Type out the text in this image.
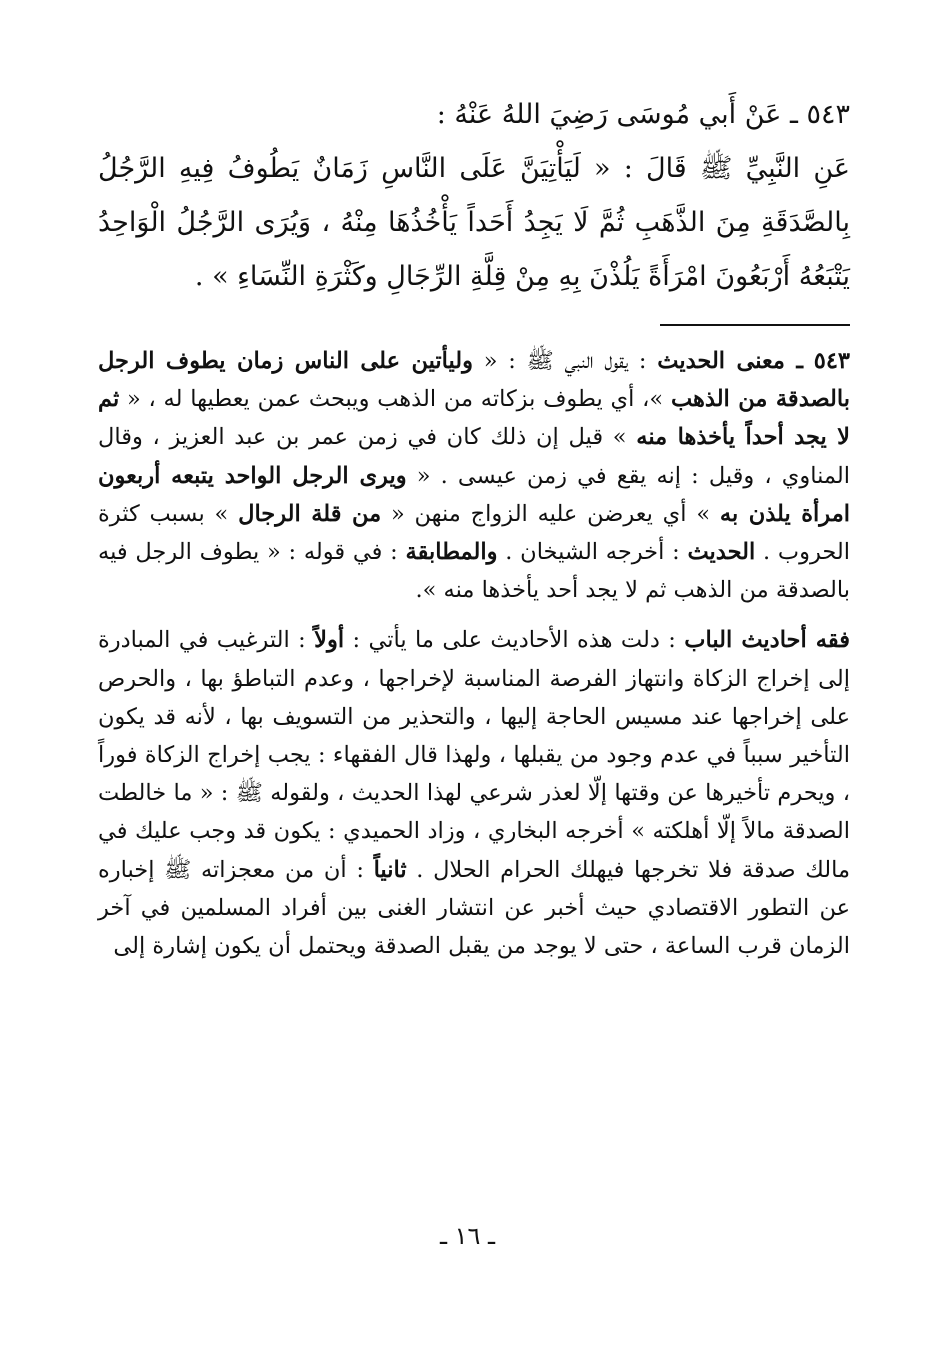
٥٤٣ ـ عَنْ أَبي مُوسَى رَضِيَ اللهُ عَنْهُ :

عَنِ النَّبِيِّ ﷺ قَالَ : « لَيَأْتِيَنَّ عَلَى النَّاسِ زَمَانٌ يَطُوفُ فِيهِ الرَّجُلُ بِالصَّدَقَةِ مِنَ الذَّهَبِ ثُمَّ لَا يَجِدُ أَحَداً يَأْخُذُهَا مِنْهُ ، وَيُرَى الرَّجُلُ الْوَاحِدُ يَتْبَعُهُ أَرْبَعُونَ امْرَأَةً يَلُذْنَ بِهِ مِنْ قِلَّةِ الرِّجَالِ وكَثْرَةِ النِّسَاءِ » .

٥٤٣ ـ معنى الحديث : يقول النبي ﷺ : « وليأتين على الناس زمان يطوف الرجل بالصدقة من الذهب »، أي يطوف بزكاته من الذهب ويبحث عمن يعطيها له ، « ثم لا يجد أحداً يأخذها منه » قيل إن ذلك كان في زمن عمر بن عبد العزيز ، وقال المناوي ، وقيل : إنه يقع في زمن عيسى . « ويرى الرجل الواحد يتبعه أربعون امرأة يلذن به » أي يعرضن عليه الزواج منهن « من قلة الرجال » بسبب كثرة الحروب . الحديث : أخرجه الشيخان . والمطابقة : في قوله : « يطوف الرجل فيه بالصدقة من الذهب ثم لا يجد أحد يأخذها منه ».

فقه أحاديث الباب : دلت هذه الأحاديث على ما يأتي : أولاً : الترغيب في المبادرة إلى إخراج الزكاة وانتهاز الفرصة المناسبة لإخراجها ، وعدم التباطؤ بها ، والحرص على إخراجها عند مسيس الحاجة إليها ، والتحذير من التسويف بها ، لأنه قد يكون التأخير سبباً في عدم وجود من يقبلها ، ولهذا قال الفقهاء : يجب إخراج الزكاة فوراً ، ويحرم تأخيرها عن وقتها إلّا لعذر شرعي لهذا الحديث ، ولقوله ﷺ : « ما خالطت الصدقة مالاً إلّا أهلكته » أخرجه البخاري ، وزاد الحميدي : يكون قد وجب عليك في مالك صدقة فلا تخرجها فيهلك الحرام الحلال . ثانياً : أن من معجزاته ﷺ إخباره عن التطور الاقتصادي حيث أخبر عن انتشار الغنى بين أفراد المسلمين في آخر الزمان قرب الساعة ، حتى لا يوجد من يقبل الصدقة ويحتمل أن يكون إشارة إلى

ـ ١٦ ـ
